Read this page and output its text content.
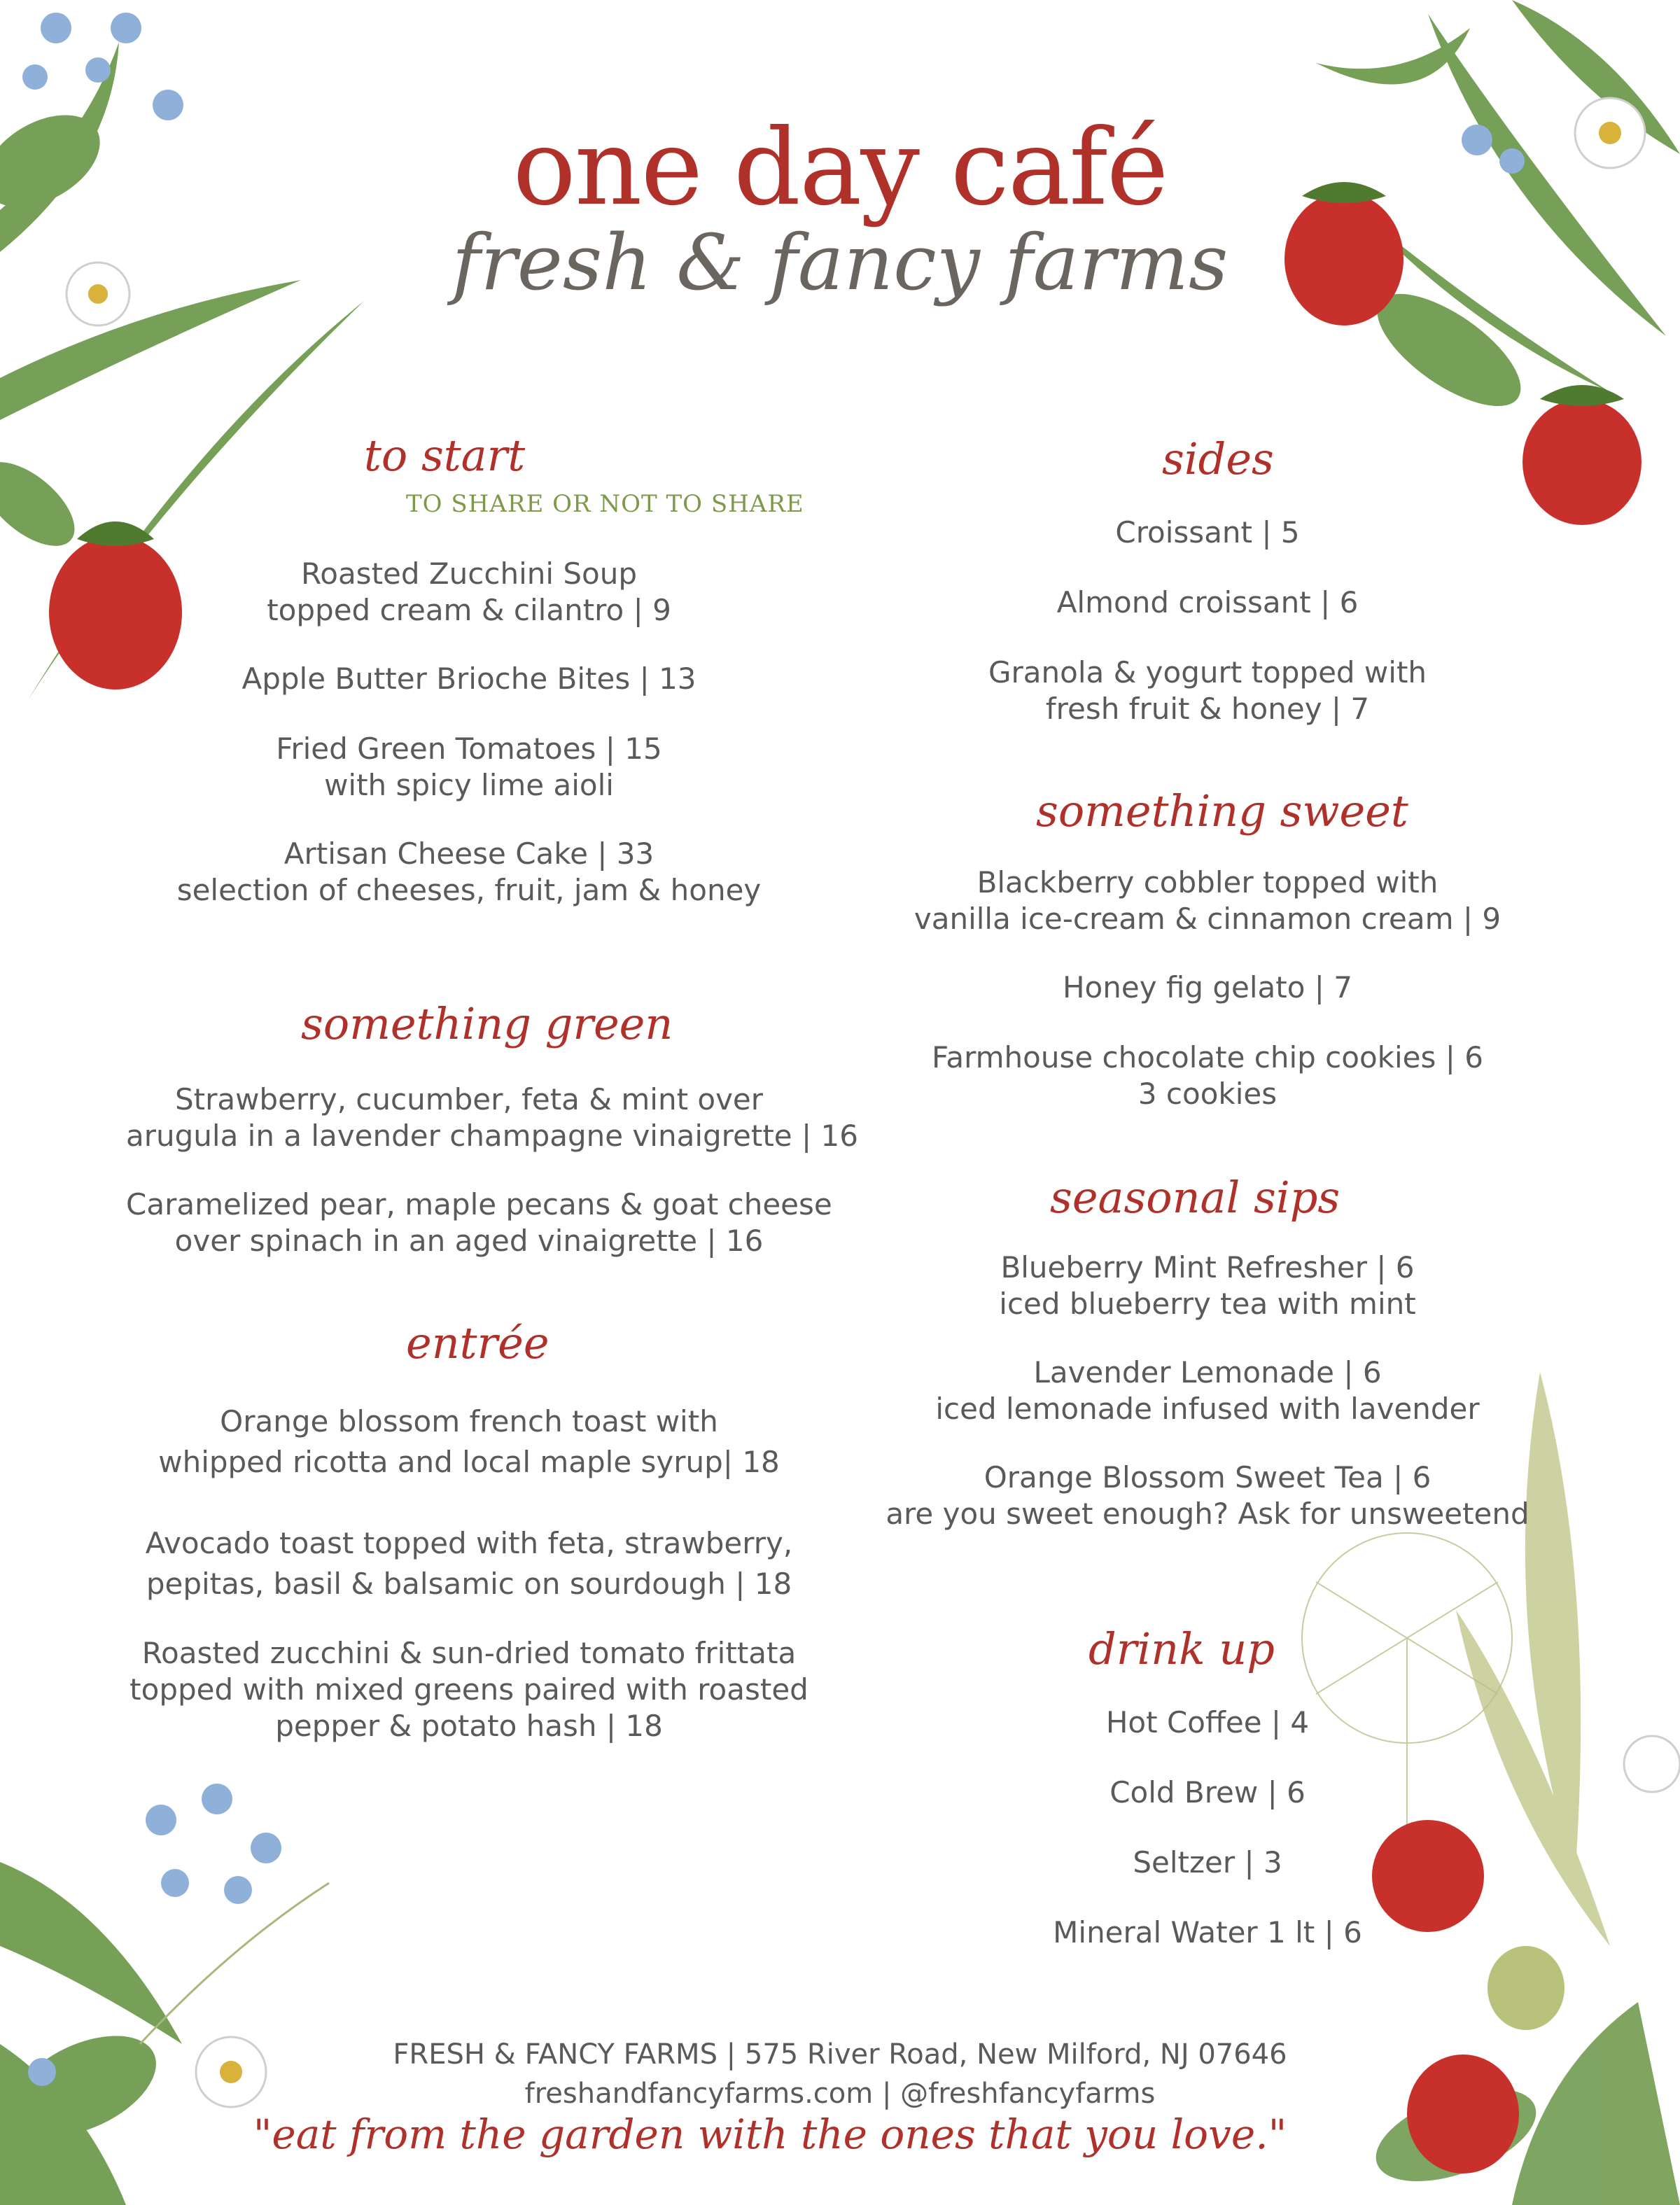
one day café
fresh & fancy farms
to start
TO SHARE OR NOT TO SHARE
Roasted Zucchini Soup
topped cream & cilantro | 9
Apple Butter Brioche Bites | 13
Fried Green Tomatoes | 15
with spicy lime aioli
Artisan Cheese Cake | 33
selection of cheeses, fruit, jam & honey
something green
Strawberry, cucumber, feta & mint over
arugula in a lavender champagne vinaigrette | 16
Caramelized pear, maple pecans & goat cheese
over spinach in an aged vinaigrette | 16
entrée
Orange blossom french toast with
whipped ricotta and local maple syrup| 18
Avocado toast topped with feta, strawberry,
pepitas, basil & balsamic on sourdough | 18
Roasted zucchini & sun-dried tomato frittata
topped with mixed greens paired with roasted
pepper & potato hash | 18
sides
Croissant | 5
Almond croissant | 6
Granola & yogurt topped with
fresh fruit & honey | 7
something sweet
Blackberry cobbler topped with
vanilla ice-cream & cinnamon cream | 9
Honey fig gelato | 7
Farmhouse chocolate chip cookies | 6
3 cookies
seasonal sips
Blueberry Mint Refresher | 6
iced blueberry tea with mint
Lavender Lemonade | 6
iced lemonade infused with lavender
Orange Blossom Sweet Tea | 6
are you sweet enough? Ask for unsweetend
drink up
Hot Coffee | 4
Cold Brew | 6
Seltzer | 3
Mineral Water 1 lt | 6
FRESH & FANCY FARMS | 575 River Road, New Milford, NJ 07646
freshandfancyfarms.com | @freshfancyfarms
"eat from the garden with the ones that you love."
